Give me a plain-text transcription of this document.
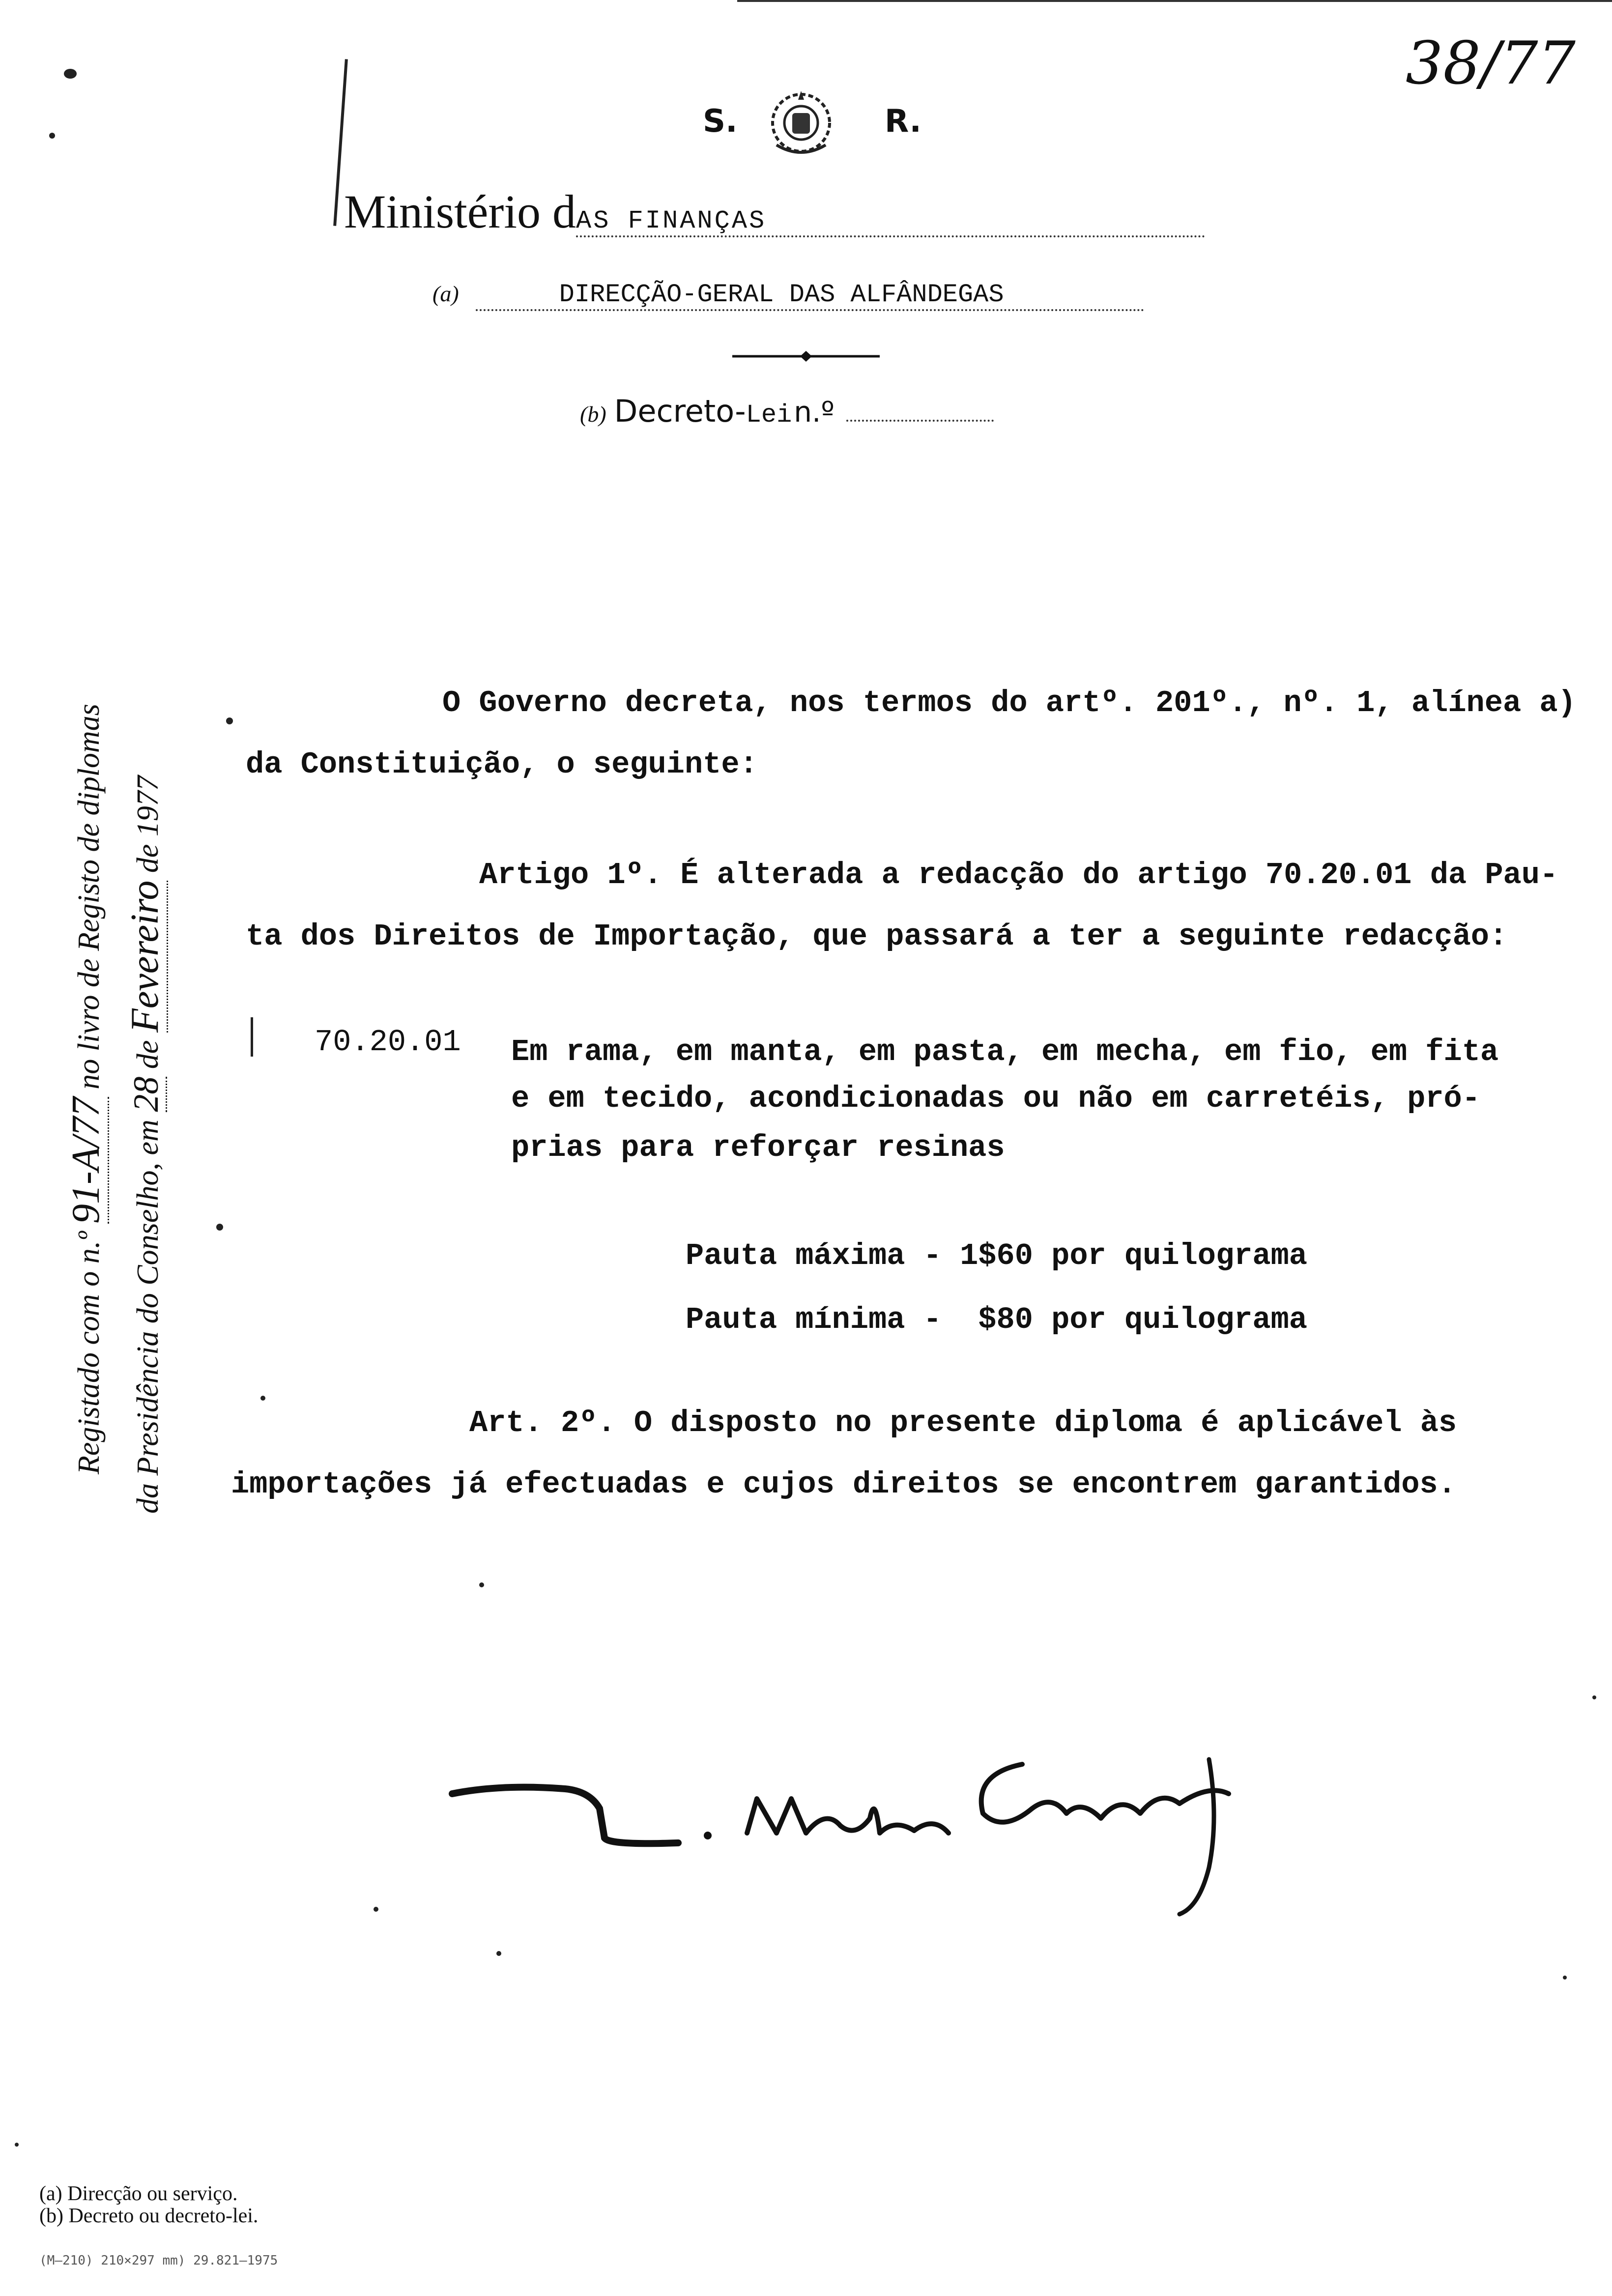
38/77
S.	R.
Ministério dAS FINANÇAS
(a)	DIRECÇÃO-GERAL DAS ALFÂNDEGAS
(b) Decreto-Lei n.º
Registado com o n.º 91-A/77 no livro de Registo de diplomas
da Presidência do Conselho, em 28 de Fevereiro de 1977
O Governo decreta, nos termos do artº. 201º., nº. 1, alínea a)
da Constituição, o seguinte:
Artigo 1º. É alterada a redacção do artigo 70.20.01 da Pau-
ta dos Direitos de Importação, que passará a ter a seguinte redacção:
70.20.01 Em rama, em manta, em pasta, em mecha, em fio, em fita
e em tecido, acondicionadas ou não em carretéis, pró-
prias para reforçar resinas
Pauta máxima - 1$60 por quilograma
Pauta mínima -  $80 por quilograma
Art. 2º. O disposto no presente diploma é aplicável às
importações já efectuadas e cujos direitos se encontrem garantidos.
M. Medina Carreira
(a) Direcção ou serviço.
(b) Decreto ou decreto-lei.
(M–210) 210×297 mm) 29.821–1975
